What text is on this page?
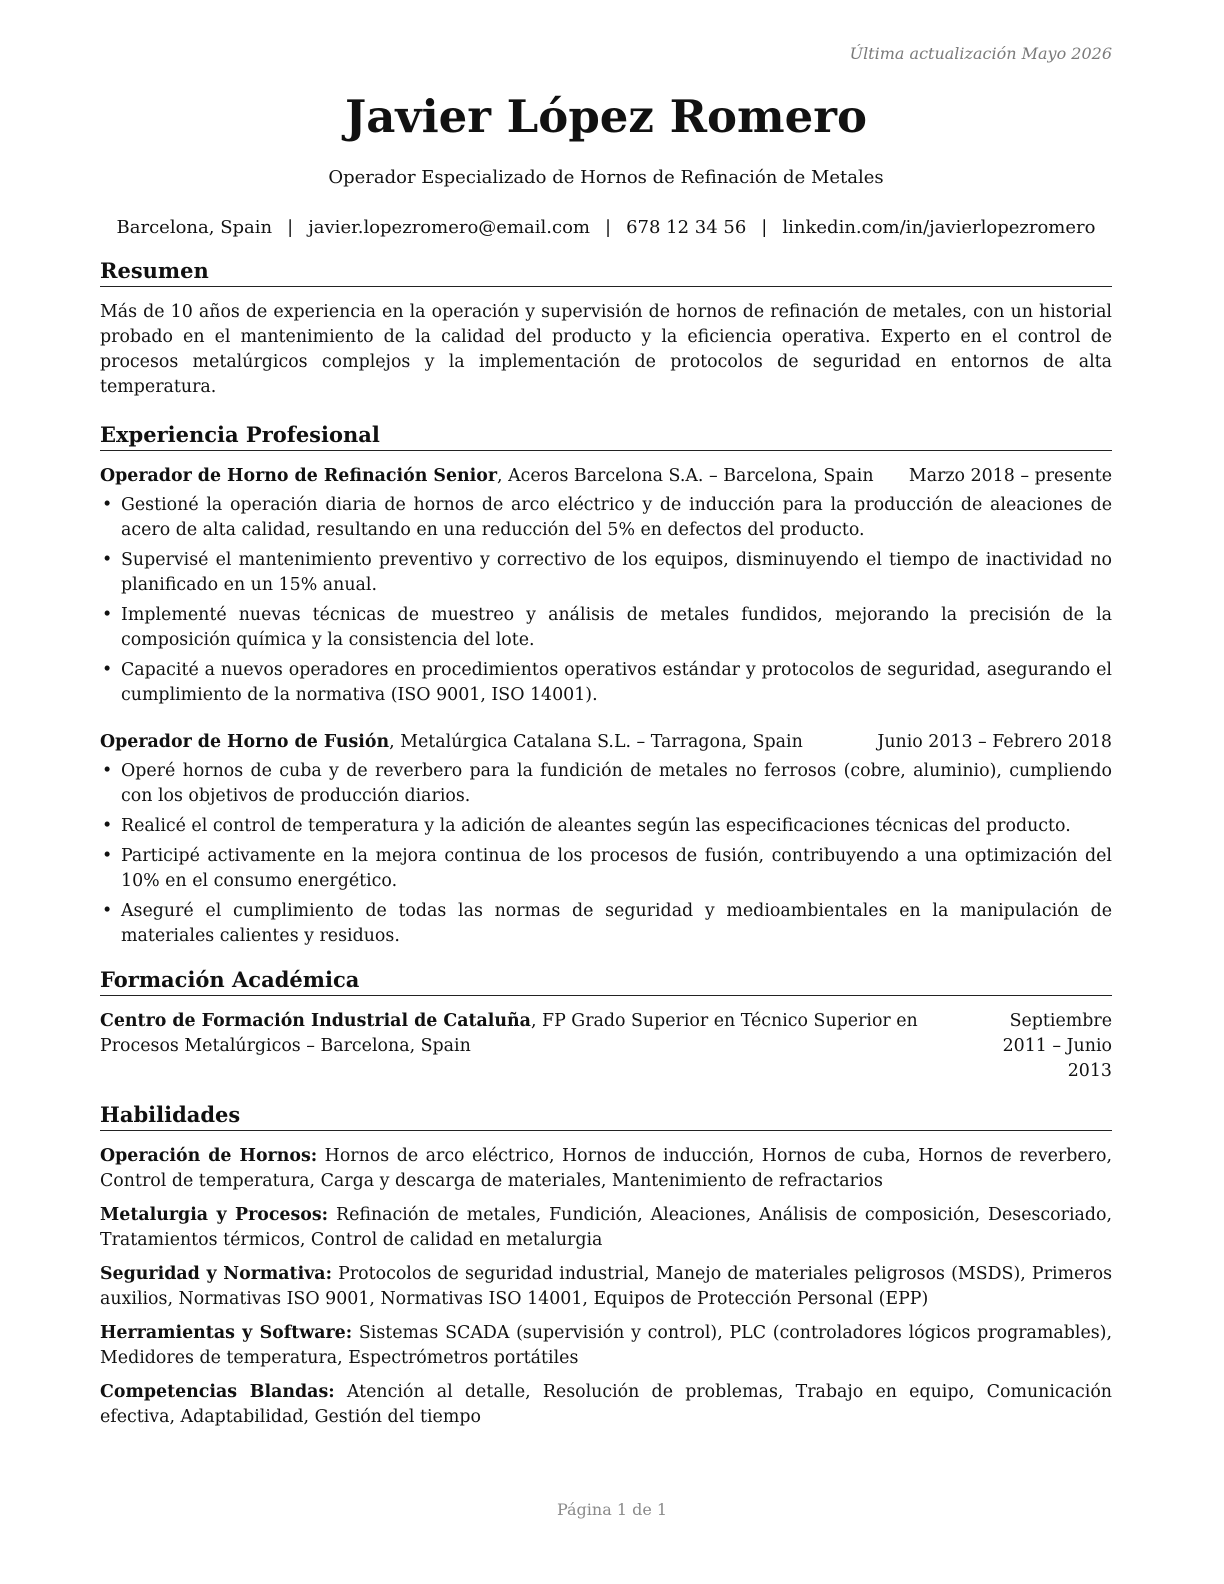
Última actualización Mayo 2026
Javier López Romero
Operador Especializado de Hornos de Refinación de Metales
Barcelona, Spain | javier.lopezromero@email.com | 678 12 34 56 | linkedin.com/in/javierlopezromero
Resumen
Más de 10 años de experiencia en la operación y supervisión de hornos de refinación de metales, con un historial probado en el mantenimiento de la calidad del producto y la eficiencia operativa. Experto en el control de procesos metalúrgicos complejos y la implementación de protocolos de seguridad en entornos de alta temperatura.
Experiencia Profesional
Operador de Horno de Refinación Senior, Aceros Barcelona S.A. – Barcelona, Spain Marzo 2018 – presente
• Gestioné la operación diaria de hornos de arco eléctrico y de inducción para la producción de aleaciones de acero de alta calidad, resultando en una reducción del 5% en defectos del producto.
• Supervisé el mantenimiento preventivo y correctivo de los equipos, disminuyendo el tiempo de inactividad no planificado en un 15% anual.
• Implementé nuevas técnicas de muestreo y análisis de metales fundidos, mejorando la precisión de la composición química y la consistencia del lote.
• Capacité a nuevos operadores en procedimientos operativos estándar y protocolos de seguridad, asegurando el cumplimiento de la normativa (ISO 9001, ISO 14001).
Operador de Horno de Fusión, Metalúrgica Catalana S.L. – Tarragona, Spain	Junio 2013 – Febrero 2018
• Operé hornos de cuba y de reverbero para la fundición de metales no ferrosos (cobre, aluminio), cumpliendo con los objetivos de producción diarios.
• Realicé el control de temperatura y la adición de aleantes según las especificaciones técnicas del producto.
• Participé activamente en la mejora continua de los procesos de fusión, contribuyendo a una optimización del 10% en el consumo energético.
• Aseguré el cumplimiento de todas las normas de seguridad y medioambientales en la manipulación de materiales calientes y residuos.
Formación Académica
Centro de Formación Industrial de Cataluña, FP Grado Superior en Técnico Superior en Procesos Metalúrgicos – Barcelona, Spain
Septiembre 2011 – Junio 2013
Habilidades
Operación de Hornos: Hornos de arco eléctrico, Hornos de inducción, Hornos de cuba, Hornos de reverbero, Control de temperatura, Carga y descarga de materiales, Mantenimiento de refractarios
Metalurgia y Procesos: Refinación de metales, Fundición, Aleaciones, Análisis de composición, Desescoriado, Tratamientos térmicos, Control de calidad en metalurgia
Seguridad y Normativa: Protocolos de seguridad industrial, Manejo de materiales peligrosos (MSDS), Primeros auxilios, Normativas ISO 9001, Normativas ISO 14001, Equipos de Protección Personal (EPP)
Herramientas y Software: Sistemas SCADA (supervisión y control), PLC (controladores lógicos programables), Medidores de temperatura, Espectrómetros portátiles
Competencias Blandas: Atención al detalle, Resolución de problemas, Trabajo en equipo, Comunicación efectiva, Adaptabilidad, Gestión del tiempo
Página 1 de 1
